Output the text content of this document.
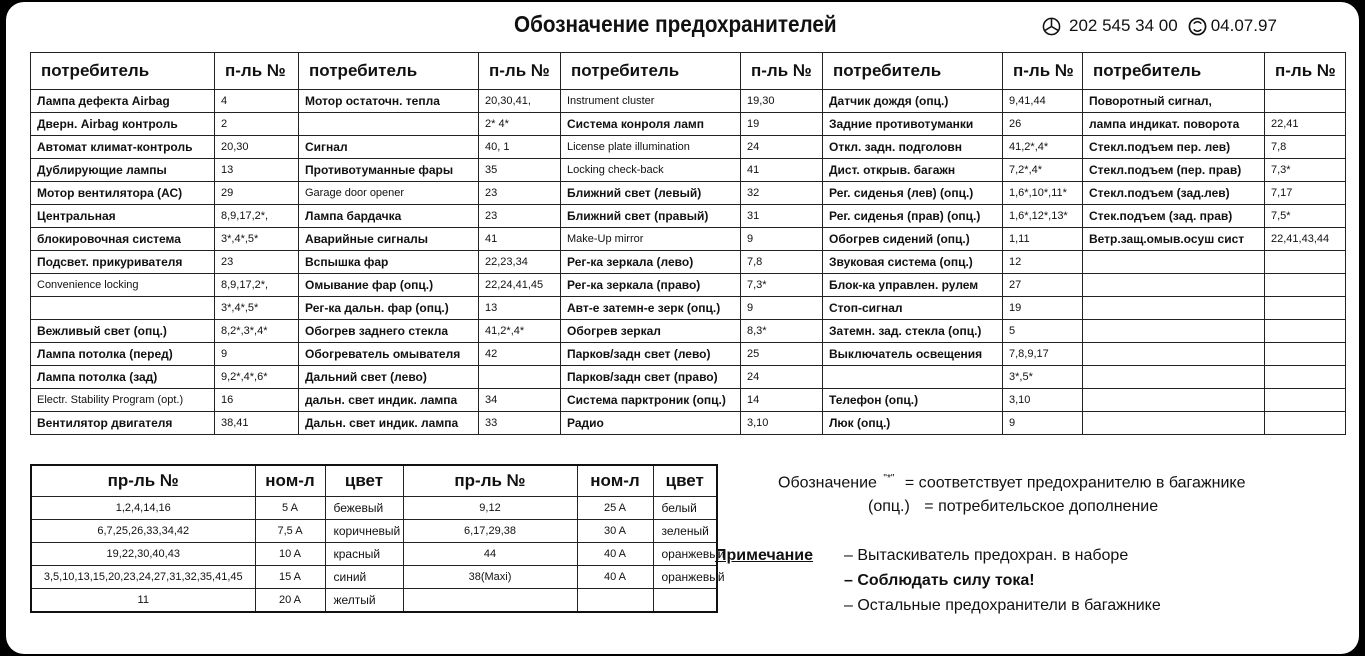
Обозначение предохранителей	202 545 34 00 04.07.97
потребитель	п-ль №	потребитель	п-ль №	потребитель	п-ль №	потребитель	п-ль №	потребитель	п-ль №
Лампа дефекта Airbag	4	Мотор остаточн. тепла	20,30,41,	Instrument cluster	19,30	Датчик дождя (опц.)	9,41,44	Поворотный сигнал,	
Дверн. Airbag контроль	2		2* 4*	Система конроля ламп	19	Задние противотуманки	26	лампа индикат. поворота	22,41
Автомат климат-контроль	20,30	Сигнал	40, 1	License plate illumination	24	Откл. задн. подголовн	41,2*,4*	Стекл.подъем пер. лев)	7,8
Дублирующие лампы	13	Противотуманные фары	35	Locking check-back	41	Дист. открыв. багажн	7,2*,4*	Стекл.подъем (пер. прав)	7,3*
Мотор вентилятора (АС)	29	Garage door opener	23	Ближний свет (левый)	32	Рег. сиденья (лев) (опц.)	1,6*,10*,11*	Стекл.подъем (зад.лев)	7,17
Центральная	8,9,17,2*,	Лампа бардачка	23	Ближний свет (правый)	31	Рег. сиденья (прав) (опц.)	1,6*,12*,13*	Стек.подъем (зад. прав)	7,5*
блокировочная система	3*,4*,5*	Аварийные сигналы	41	Make-Up mirror	9	Обогрев сидений (опц.)	1,11	Ветр.защ.омыв.осуш сист	22,41,43,44
Подсвет. прикуривателя	23	Вспышка фар	22,23,34	Рег-ка зеркала (лево)	7,8	Звуковая система (опц.)	12		
Convenience locking	8,9,17,2*,	Омывание фар (опц.)	22,24,41,45	Рег-ка зеркала (право)	7,3*	Блок-ка управлен. рулем	27		
	3*,4*,5*	Рег-ка дальн. фар (опц.)	13	Авт-е затемн-е зерк (опц.)	9	Стоп-сигнал	19		
Вежливый свет (опц.)	8,2*,3*,4*	Обогрев заднего стекла	41,2*,4*	Обогрев зеркал	8,3*	Затемн. зад. стекла (опц.)	5		
Лампа потолка (перед)	9	Обогреватель омывателя	42	Парков/задн свет (лево)	25	Выключатель освещения	7,8,9,17		
Лампа потолка (зад)	9,2*,4*,6*	Дальний свет (лево)		Парков/задн свет (право)	24		3*,5*		
Electr. Stability Program (opt.)	16	дальн. свет индик. лампа	34	Система парктроник (опц.)	14	Телефон (опц.)	3,10		
Вентилятор двигателя	38,41	Дальн. свет индик. лампа	33	Радио	3,10	Люк (опц.)	9		
пр-ль №	ном-л	цвет	пр-ль №	ном-л	цвет
1,2,4,14,16	5 A	бежевый	9,12	25 A	белый
6,7,25,26,33,34,42	7,5 A	коричневый	6,17,29,38	30 A	зеленый
19,22,30,40,43	10 A	красный	44	40 A	оранжевый
3,5,10,13,15,20,23,24,27,31,32,35,41,45	15 A	синий	38(Maxi)	40 A	оранжевый
11	20 A	желтый			
Обозначение "*" = соответствует предохранителю в багажнике
(опц.) = потребительское дополнение
Примечание – Вытаскиватель предохран. в наборе
– Соблюдать силу тока!
– Остальные предохранители в багажнике
